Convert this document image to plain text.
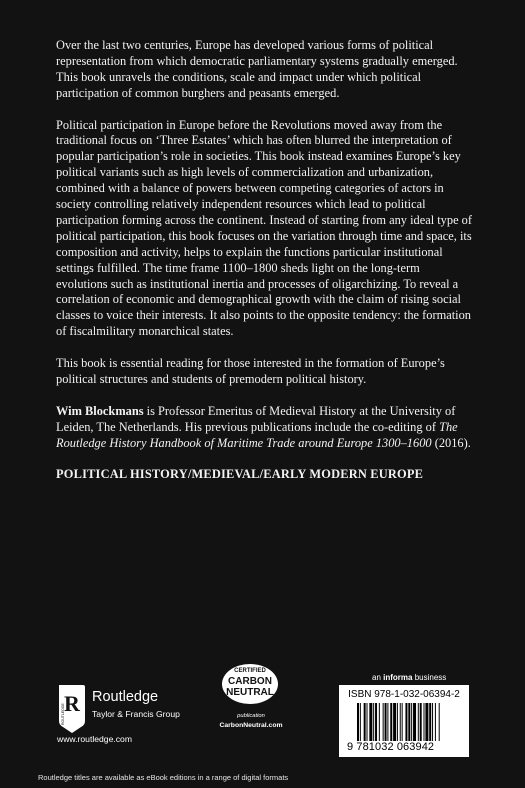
Over the last two centuries, Europe has developed various forms of political representation from which democratic parliamentary systems gradually emerged. This book unravels the conditions, scale and impact under which political participation of common burghers and peasants emerged.

Political participation in Europe before the Revolutions moved away from the traditional focus on ‘Three Estates’ which has often blurred the interpretation of popular participation’s role in societies. This book instead examines Europe’s key political variants such as high levels of commercialization and urbanization, combined with a balance of powers between competing categories of actors in society controlling relatively independent resources which lead to political participation forming across the continent. Instead of starting from any ideal type of political participation, this book focuses on the variation through time and space, its composition and activity, helps to explain the functions particular institutional settings fulfilled. The time frame 1100–1800 sheds light on the long-term evolutions such as institutional inertia and processes of oligarchizing. To reveal a correlation of economic and demographical growth with the claim of rising social classes to voice their interests. It also points to the opposite tendency: the formation of fiscalmilitary monarchical states.

This book is essential reading for those interested in the formation of Europe’s political structures and students of premodern political history.

Wim Blockmans is Professor Emeritus of Medieval History at the University of Leiden, The Netherlands. His previous publications include the co-editing of The Routledge History Handbook of Maritime Trade around Europe 1300–1600 (2016).

POLITICAL HISTORY/MEDIEVAL/EARLY MODERN EUROPE

R
ROUTLEDGE
Routledge
Taylor & Francis Group
www.routledge.com
CERTIFIED
CARBON
NEUTRAL
publication
CarbonNeutral.com
an informa business
ISBN 978-1-032-06394-2
9 781032 063942
Routledge titles are available as eBook editions in a range of digital formats
